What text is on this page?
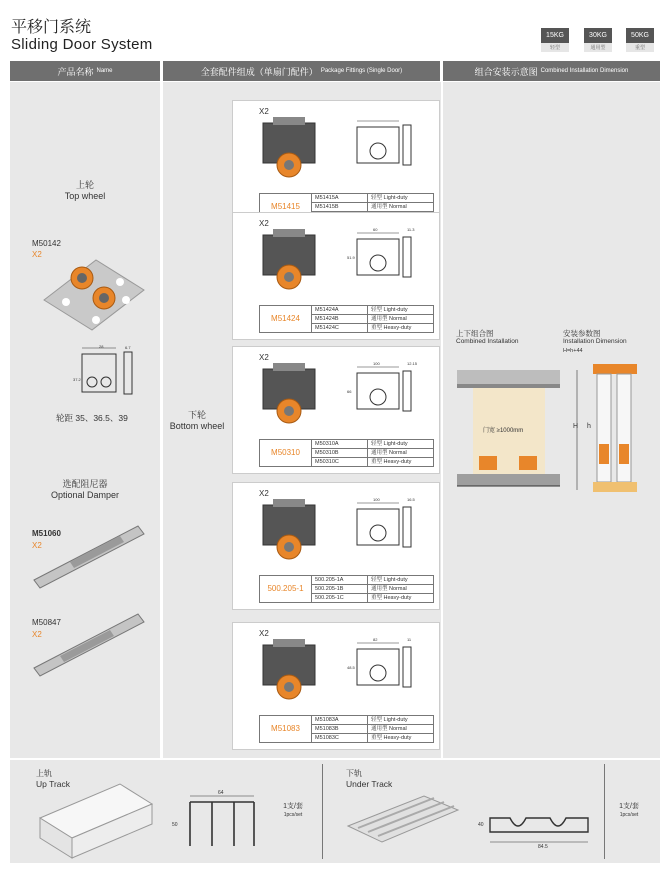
平移门系统
Sliding Door System
15KG
轻型
30KG
通用型
50KG
重型
产品名称 Name	全套配件组成（单扇门配件） Package Fittings (Single Door)	组合安装示意图 Combined Installation Dimension
上轮
Top wheel
M50142
X2
28	6.7
37.2
轮距 35、36.5、39
选配阻尼器
Optional Damper
M51060
X2
M50847
X2
下轮
Bottom wheel
X2
M51415	M51415A	轻型 Light-duty
	M51415B	通用型 Normal

X2
60	11.3
51.9
M51424	M51424A	轻型 Light-duty
	M51424B	通用型 Normal
	M51424C	重型 Heavy-duty
X2
100	12.15
66
M50310	M50310A	轻型 Light-duty
	M50310B	通用型 Normal
	M50310C	重型 Heavy-duty
X2
100	16.5
500.205-1	500.205-1A	轻型 Light-duty
	500.205-1B	通用型 Normal
	500.205-1C	重型 Heavy-duty
X2
82	11
48.5
M51083	M51083A	轻型 Light-duty
	M51083B	通用型 Normal
	M51083C	重型 Heavy-duty
上下组合图
Combined Installation
安装参数图
Installation Dimension
H=h+44
门宽 ≥1000mm
H h
上轨
Up Track
64
50
1支/套
1pcs/set
下轨
Under Track
40
84.5
1支/套
1pcs/set
